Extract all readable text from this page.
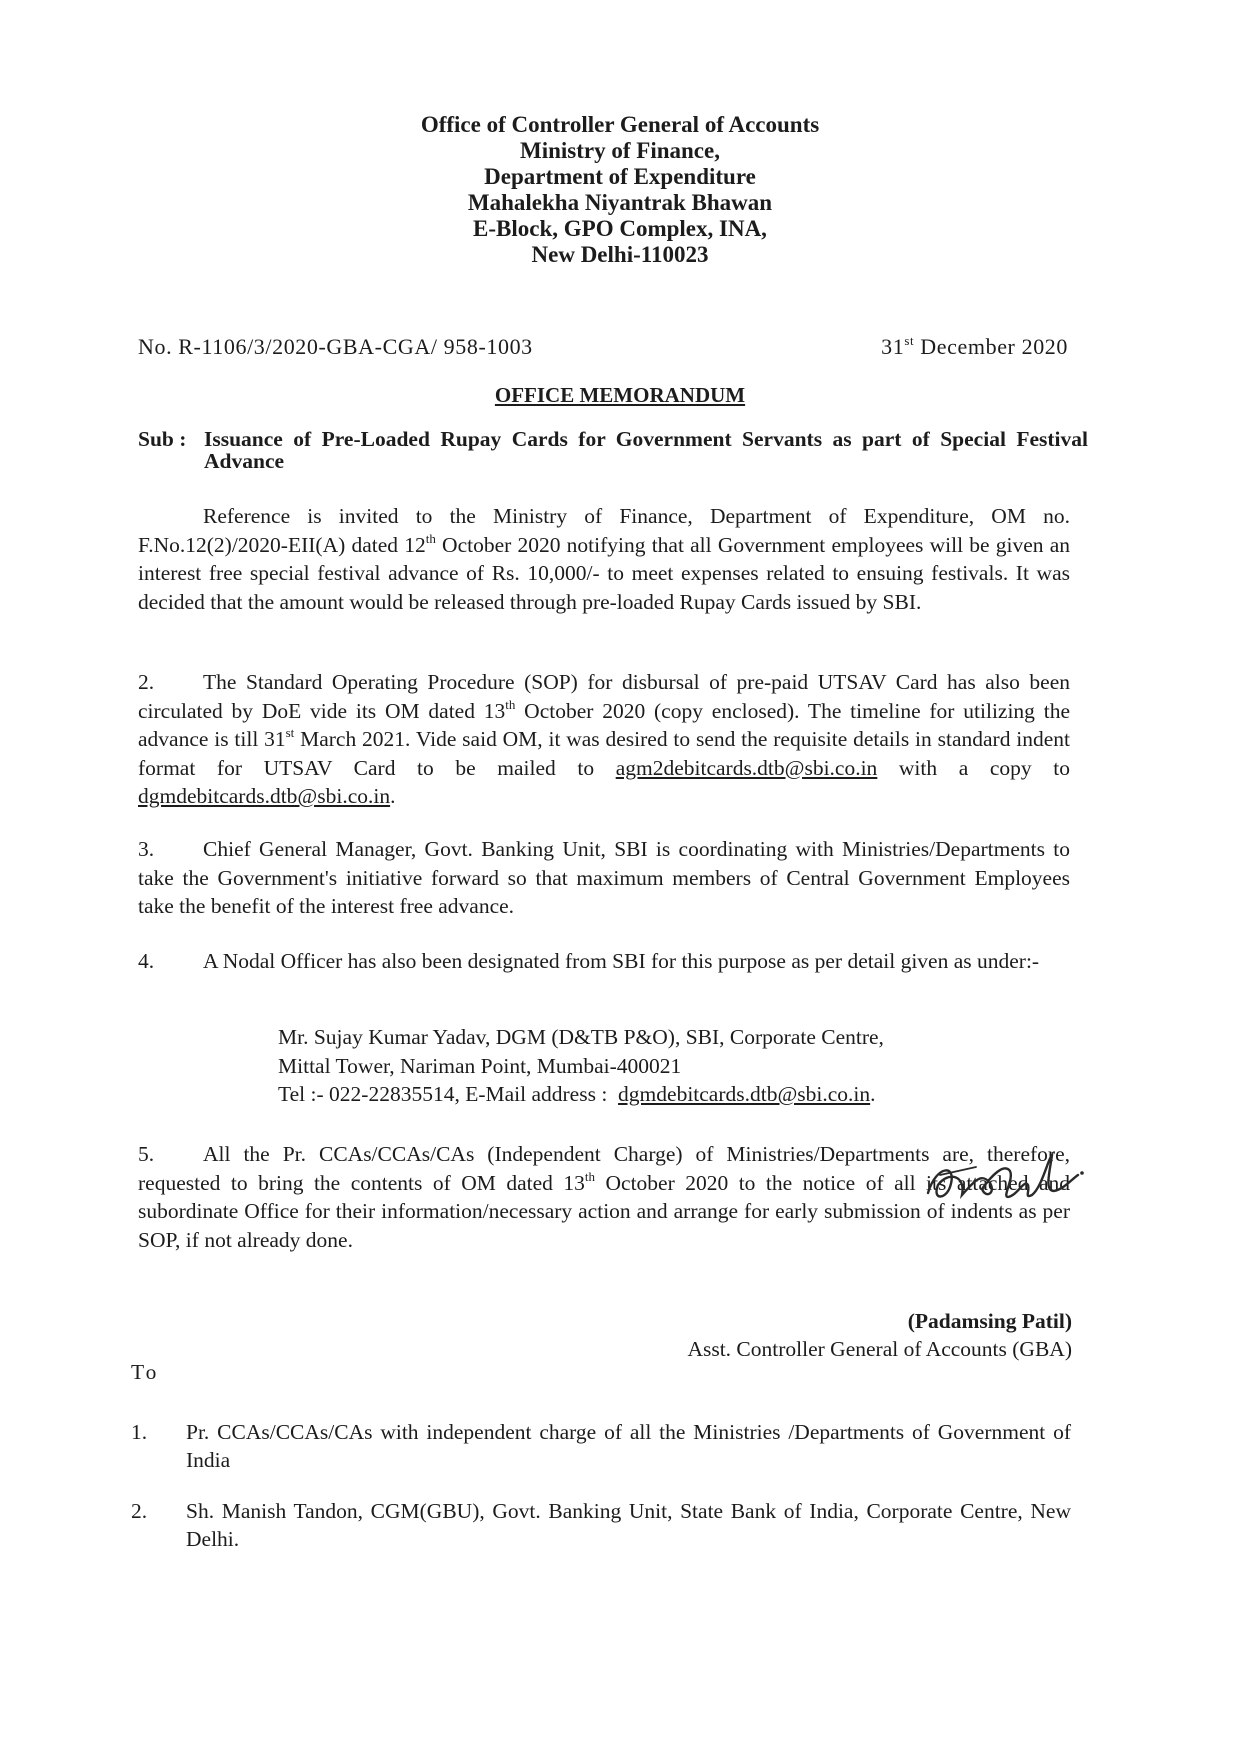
Office of Controller General of Accounts
Ministry of Finance,
Department of Expenditure
Mahalekha Niyantrak Bhawan
E-Block, GPO Complex, INA,
New Delhi-110023
No. R-1106/3/2020-GBA-CGA/ 958-1003	31st December 2020
OFFICE MEMORANDUM
Sub : Issuance of Pre-Loaded Rupay Cards for Government Servants as part of Special Festival Advance
Reference is invited to the Ministry of Finance, Department of Expenditure, OM no. F.No.12(2)/2020-EII(A) dated 12th October 2020 notifying that all Government employees will be given an interest free special festival advance of Rs. 10,000/- to meet expenses related to ensuing festivals. It was decided that the amount would be released through pre-loaded Rupay Cards issued by SBI.
2. The Standard Operating Procedure (SOP) for disbursal of pre-paid UTSAV Card has also been circulated by DoE vide its OM dated 13th October 2020 (copy enclosed). The timeline for utilizing the advance is till 31st March 2021. Vide said OM, it was desired to send the requisite details in standard indent format for UTSAV Card to be mailed to agm2debitcards.dtb@sbi.co.in with a copy to dgmdebitcards.dtb@sbi.co.in.
3. Chief General Manager, Govt. Banking Unit, SBI is coordinating with Ministries/Departments to take the Government's initiative forward so that maximum members of Central Government Employees take the benefit of the interest free advance.
4. A Nodal Officer has also been designated from SBI for this purpose as per detail given as under:-
Mr. Sujay Kumar Yadav, DGM (D&TB P&O), SBI, Corporate Centre,
Mittal Tower, Nariman Point, Mumbai-400021
Tel :- 022-22835514, E-Mail address : dgmdebitcards.dtb@sbi.co.in.
5. All the Pr. CCAs/CCAs/CAs (Independent Charge) of Ministries/Departments are, therefore, requested to bring the contents of OM dated 13th October 2020 to the notice of all its attached and subordinate Office for their information/necessary action and arrange for early submission of indents as per SOP, if not already done.
(Padamsing Patil)
Asst. Controller General of Accounts (GBA)
To
1. Pr. CCAs/CCAs/CAs with independent charge of all the Ministries /Departments of Government of India
2. Sh. Manish Tandon, CGM(GBU), Govt. Banking Unit, State Bank of India, Corporate Centre, New Delhi.
